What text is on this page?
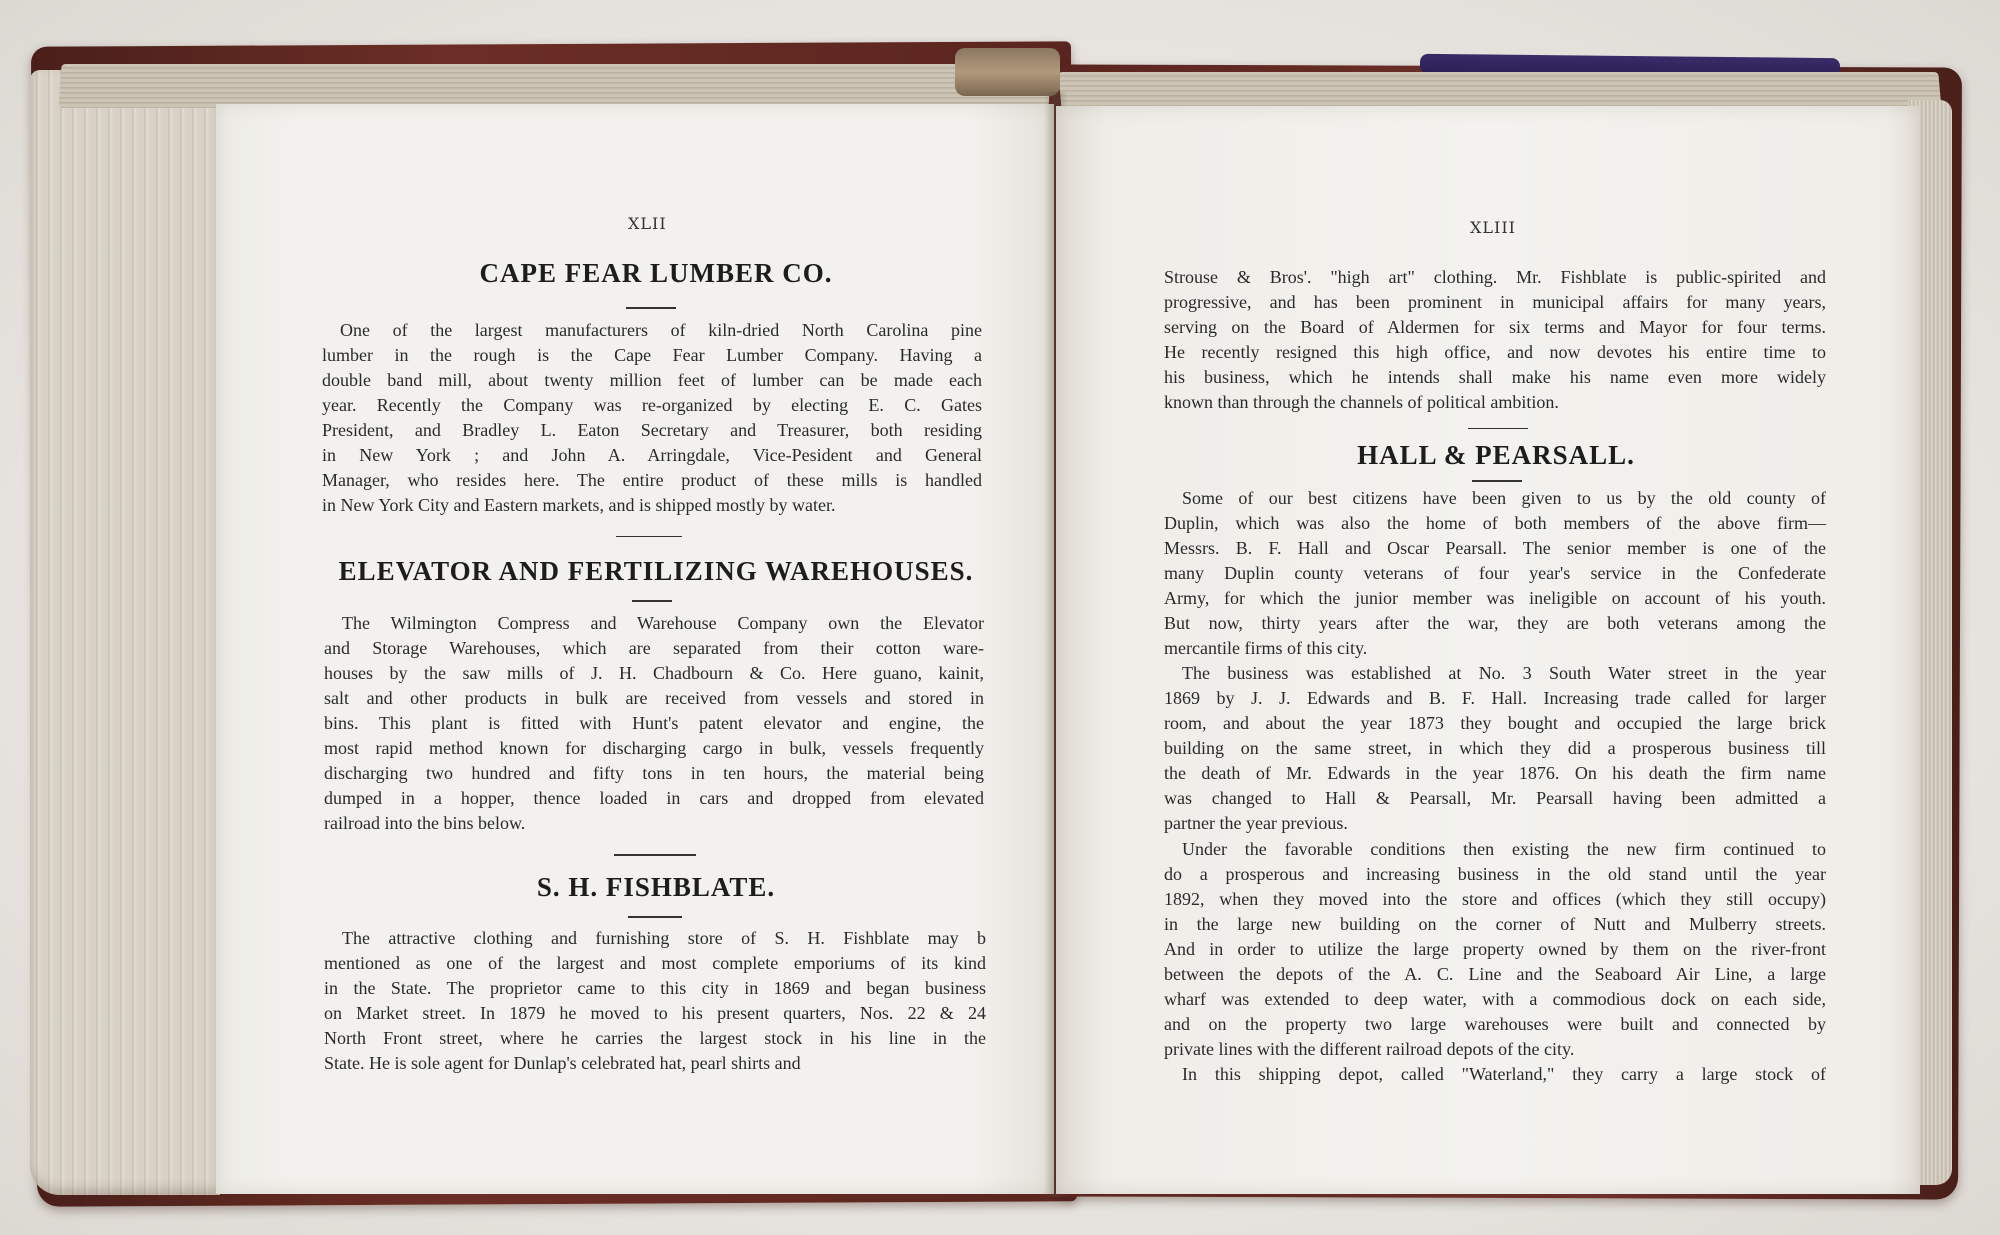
XLII
CAPE FEAR LUMBER CO.
One of the largest manufacturers of kiln-dried North Carolina pine
lumber in the rough is the Cape Fear Lumber Company. Having a
double band mill, about twenty million feet of lumber can be made each
year. Recently the Company was re-organized by electing E. C. Gates
President, and Bradley L. Eaton Secretary and Treasurer, both residing
in New York ; and John A. Arringdale, Vice-Pesident and General
Manager, who resides here. The entire product of these mills is handled
in New York City and Eastern markets, and is shipped mostly by water.
ELEVATOR AND FERTILIZING WAREHOUSES.
The Wilmington Compress and Warehouse Company own the Elevator
and Storage Warehouses, which are separated from their cotton ware-
houses by the saw mills of J. H. Chadbourn & Co. Here guano, kainit,
salt and other products in bulk are received from vessels and stored in
bins. This plant is fitted with Hunt's patent elevator and engine, the
most rapid method known for discharging cargo in bulk, vessels frequently
discharging two hundred and fifty tons in ten hours, the material being
dumped in a hopper, thence loaded in cars and dropped from elevated
railroad into the bins below.
S. H. FISHBLATE.
The attractive clothing and furnishing store of S. H. Fishblate may b
mentioned as one of the largest and most complete emporiums of its kind
in the State. The proprietor came to this city in 1869 and began business
on Market street. In 1879 he moved to his present quarters, Nos. 22 & 24
North Front street, where he carries the largest stock in his line in the
State. He is sole agent for Dunlap's celebrated hat, pearl shirts and
XLIII
Strouse & Bros'. "high art" clothing. Mr. Fishblate is public-spirited and
progressive, and has been prominent in municipal affairs for many years,
serving on the Board of Aldermen for six terms and Mayor for four terms.
He recently resigned this high office, and now devotes his entire time to
his business, which he intends shall make his name even more widely
known than through the channels of political ambition.
HALL & PEARSALL.
Some of our best citizens have been given to us by the old county of
Duplin, which was also the home of both members of the above firm—
Messrs. B. F. Hall and Oscar Pearsall. The senior member is one of the
many Duplin county veterans of four year's service in the Confederate
Army, for which the junior member was ineligible on account of his youth.
But now, thirty years after the war, they are both veterans among the
mercantile firms of this city.
The business was established at No. 3 South Water street in the year
1869 by J. J. Edwards and B. F. Hall. Increasing trade called for larger
room, and about the year 1873 they bought and occupied the large brick
building on the same street, in which they did a prosperous business till
the death of Mr. Edwards in the year 1876. On his death the firm name
was changed to Hall & Pearsall, Mr. Pearsall having been admitted a
partner the year previous.
Under the favorable conditions then existing the new firm continued to
do a prosperous and increasing business in the old stand until the year
1892, when they moved into the store and offices (which they still occupy)
in the large new building on the corner of Nutt and Mulberry streets.
And in order to utilize the large property owned by them on the river-front
between the depots of the A. C. Line and the Seaboard Air Line, a large
wharf was extended to deep water, with a commodious dock on each side,
and on the property two large warehouses were built and connected by
private lines with the different railroad depots of the city.
In this shipping depot, called "Waterland," they carry a large stock of
